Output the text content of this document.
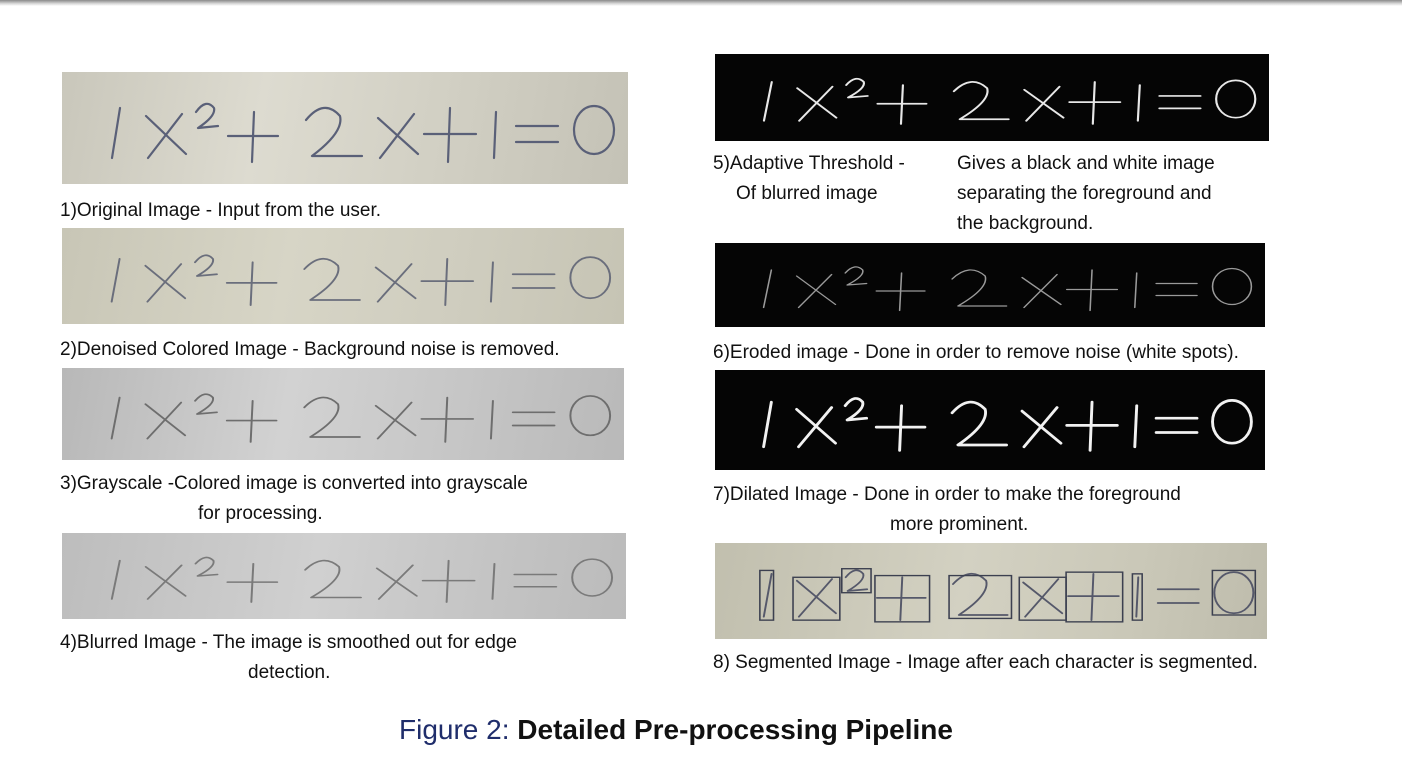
1)Original Image - Input from the user.
2)Denoised Colored Image - Background noise is removed.
3)Grayscale -Colored image is converted into grayscale
for processing.
4)Blurred Image - The image is smoothed out for edge
detection.
5)Adaptive Threshold -
Of blurred image
Gives a black and white image
separating the foreground and
the background.
6)Eroded image - Done in order to remove noise (white spots).
7)Dilated Image - Done in order to make the foreground
more prominent.
8) Segmented Image - Image after each character is segmented.
Figure 2: Detailed Pre-processing Pipeline
